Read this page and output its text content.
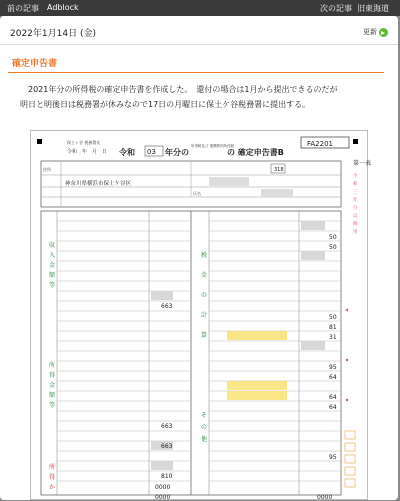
前の記事 Adblock	次の記事 旧東海道
2022年1月14日 (金)	更新
確定申告書

2021年分の所得税の確定申告書を作成した。　還付の場合は1月から提出できるのだが

明日と明後日は税務署が休みなので17日の月曜日に保土ケ谷税務署に提出する。

保土ヶ谷 税務署長
令和　年　月　日 令和 03 年分の
所得税及び 復興特別所得税
の 確定申告書B
FA2201
第一表
住所
神奈川県横浜市保土ケ谷区
氏名
318
収
入
金
額
等
所
得
金
額
等
所
得
か
税
金
の
計
算
そ
の
他
663
663
663
810
0000
0000
50
50
50
81
31
95
64
64
64
95
0000
令
和
三
年
分
以
降
用
◀
◀
◀
